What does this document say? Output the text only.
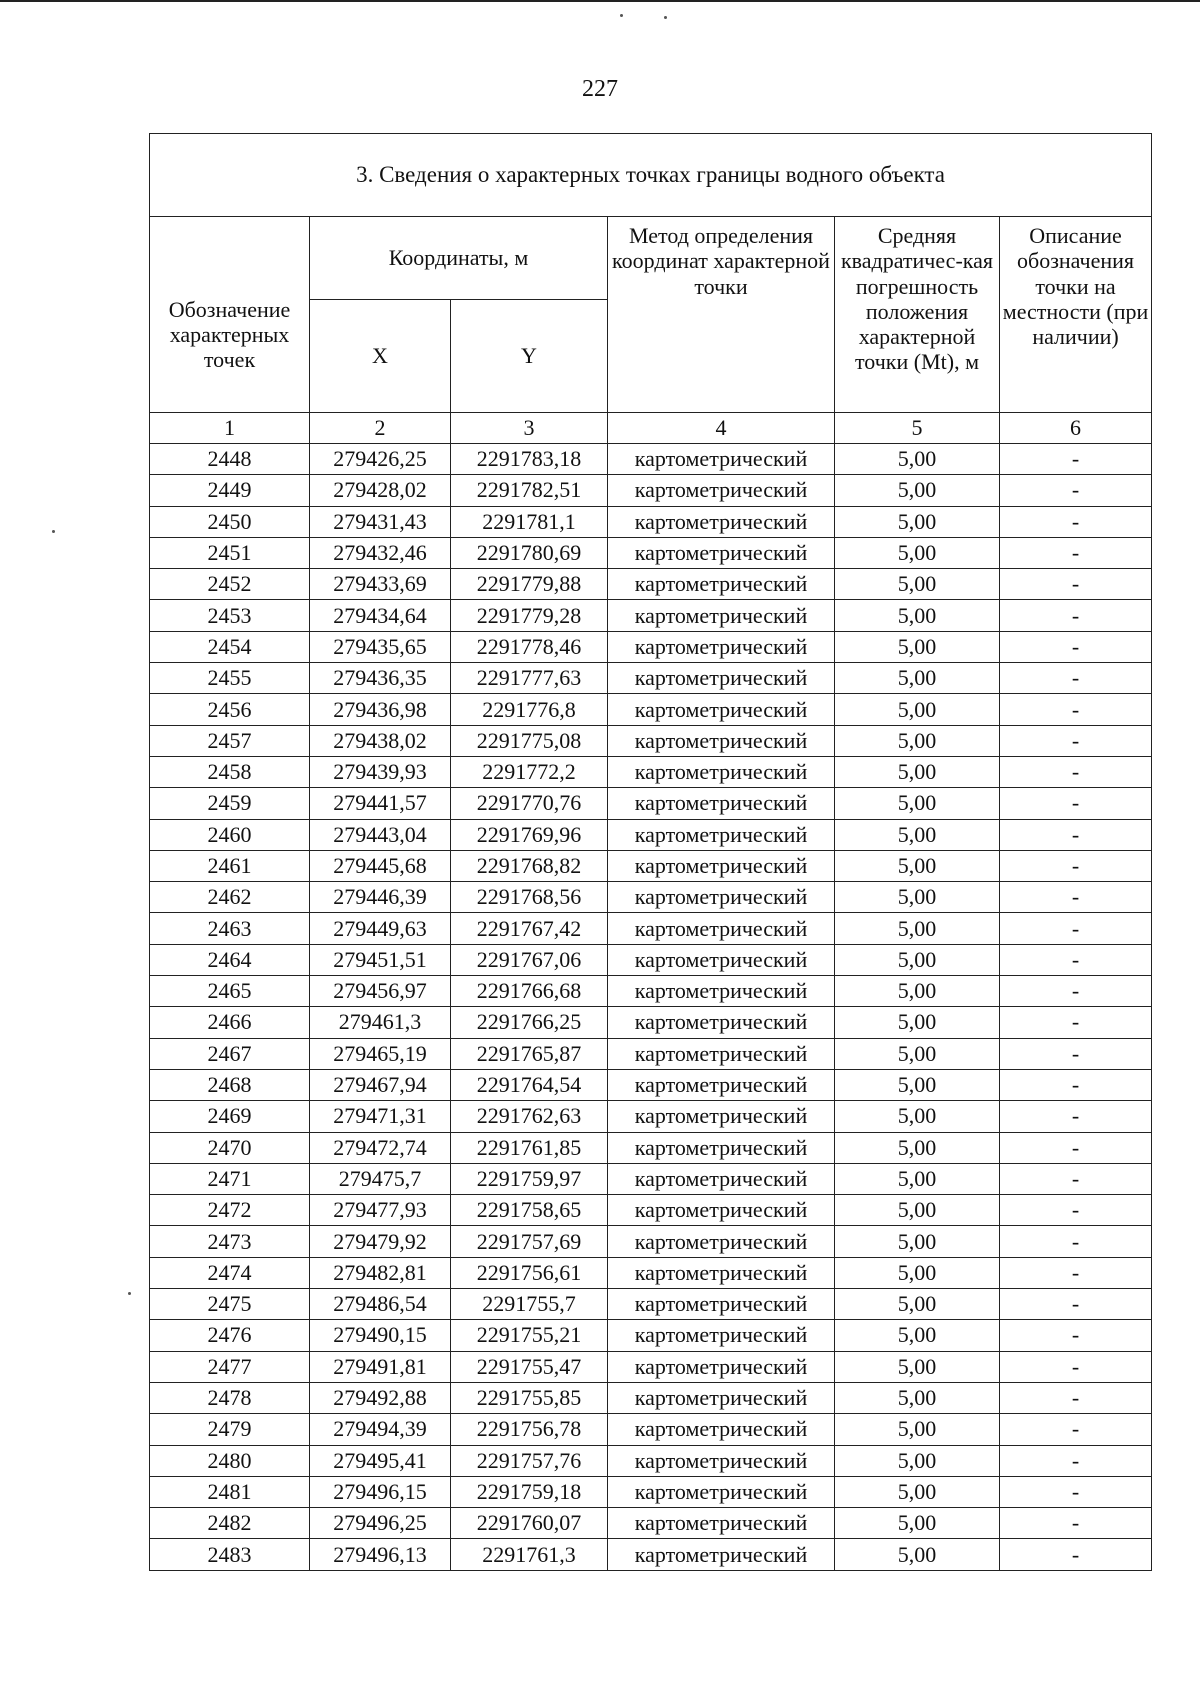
227
3. Сведения о характерных точках границы водного объекта					
Обозначение характерных точек	Координаты, м		Метод определения координат характерной точки	Средняя квадратичес-кая погрешность положения характерной точки (Mt), м	Описание обозначения точки на местности (при наличии)
	X	Y			
1	2	3	4	5	6
2448	279426,25	2291783,18	картометрический	5,00	-
2449	279428,02	2291782,51	картометрический	5,00	-
2450	279431,43	2291781,1	картометрический	5,00	-
2451	279432,46	2291780,69	картометрический	5,00	-
2452	279433,69	2291779,88	картометрический	5,00	-
2453	279434,64	2291779,28	картометрический	5,00	-
2454	279435,65	2291778,46	картометрический	5,00	-
2455	279436,35	2291777,63	картометрический	5,00	-
2456	279436,98	2291776,8	картометрический	5,00	-
2457	279438,02	2291775,08	картометрический	5,00	-
2458	279439,93	2291772,2	картометрический	5,00	-
2459	279441,57	2291770,76	картометрический	5,00	-
2460	279443,04	2291769,96	картометрический	5,00	-
2461	279445,68	2291768,82	картометрический	5,00	-
2462	279446,39	2291768,56	картометрический	5,00	-
2463	279449,63	2291767,42	картометрический	5,00	-
2464	279451,51	2291767,06	картометрический	5,00	-
2465	279456,97	2291766,68	картометрический	5,00	-
2466	279461,3	2291766,25	картометрический	5,00	-
2467	279465,19	2291765,87	картометрический	5,00	-
2468	279467,94	2291764,54	картометрический	5,00	-
2469	279471,31	2291762,63	картометрический	5,00	-
2470	279472,74	2291761,85	картометрический	5,00	-
2471	279475,7	2291759,97	картометрический	5,00	-
2472	279477,93	2291758,65	картометрический	5,00	-
2473	279479,92	2291757,69	картометрический	5,00	-
2474	279482,81	2291756,61	картометрический	5,00	-
2475	279486,54	2291755,7	картометрический	5,00	-
2476	279490,15	2291755,21	картометрический	5,00	-
2477	279491,81	2291755,47	картометрический	5,00	-
2478	279492,88	2291755,85	картометрический	5,00	-
2479	279494,39	2291756,78	картометрический	5,00	-
2480	279495,41	2291757,76	картометрический	5,00	-
2481	279496,15	2291759,18	картометрический	5,00	-
2482	279496,25	2291760,07	картометрический	5,00	-
2483	279496,13	2291761,3	картометрический	5,00	-
